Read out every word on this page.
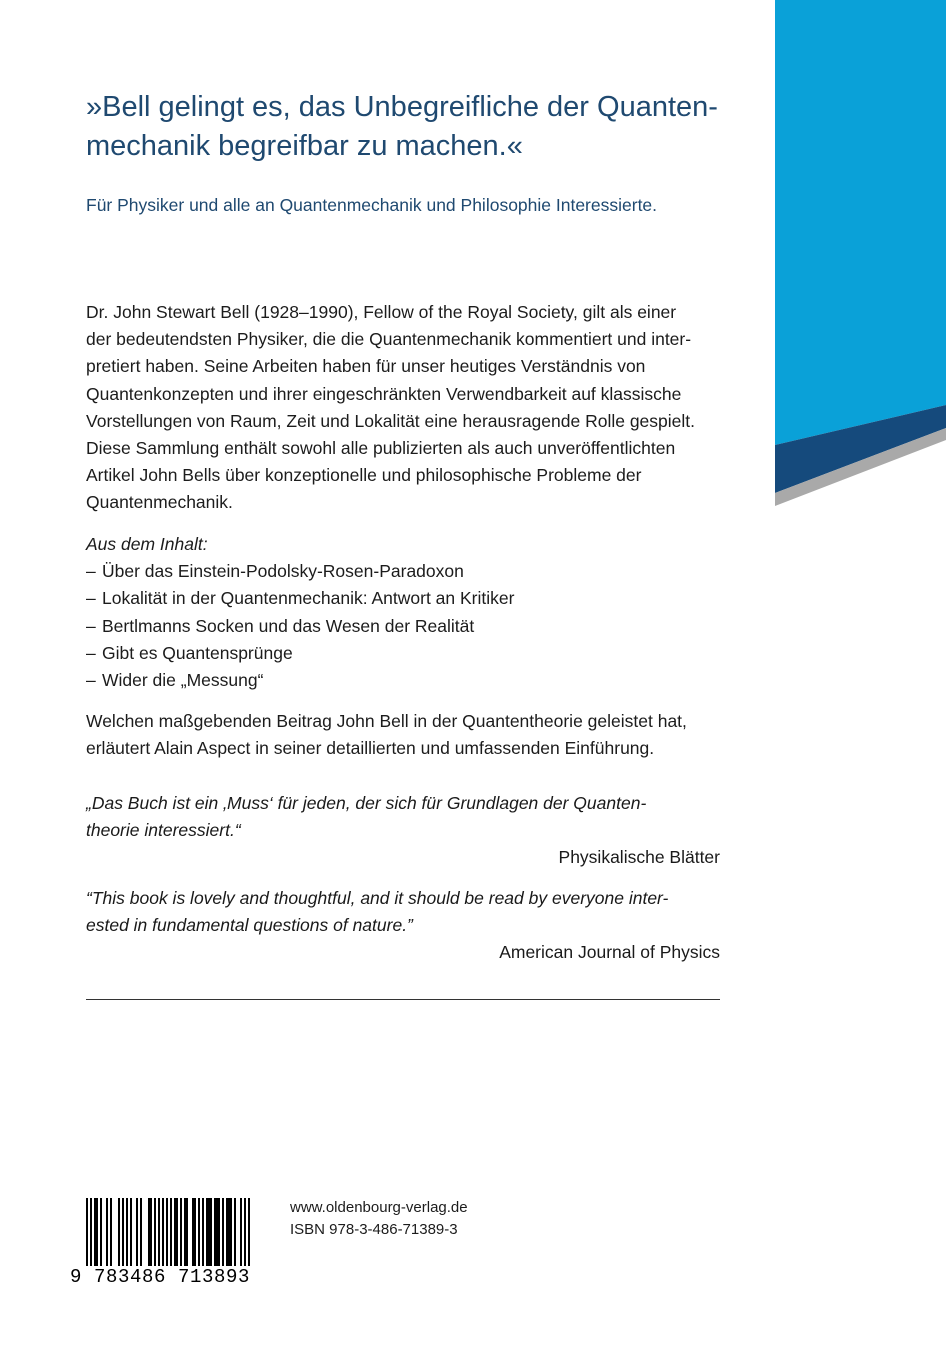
»Bell gelingt es, das Unbegreifliche der Quanten-
mechanik begreifbar zu machen.«
Für Physiker und alle an Quantenmechanik und Philosophie Interessierte.
Dr. John Stewart Bell (1928–1990), Fellow of the Royal Society, gilt als einer
der bedeutendsten Physiker, die die Quantenmechanik kommentiert und inter-
pretiert haben. Seine Arbeiten haben für unser heutiges Verständnis von
Quantenkonzepten und ihrer eingeschränkten Verwendbarkeit auf klassische
Vorstellungen von Raum, Zeit und Lokalität eine herausragende Rolle gespielt.
Diese Sammlung enthält sowohl alle publizierten als auch unveröffentlichten
Artikel John Bells über konzeptionelle und philosophische Probleme der
Quantenmechanik.
Aus dem Inhalt:
– Über das Einstein-Podolsky-Rosen-Paradoxon
– Lokalität in der Quantenmechanik: Antwort an Kritiker
– Bertlmanns Socken und das Wesen der Realität
– Gibt es Quantensprünge
– Wider die „Messung“
Welchen maßgebenden Beitrag John Bell in der Quantentheorie geleistet hat,
erläutert Alain Aspect in seiner detaillierten und umfassenden Einführung.
„Das Buch ist ein ‚Muss‘ für jeden, der sich für Grundlagen der Quanten-
theorie interessiert.“
Physikalische Blätter
“This book is lovely and thoughtful, and it should be read by everyone inter-
ested in fundamental questions of nature.”
American Journal of Physics
9 783486 713893
www.oldenbourg-verlag.de
ISBN 978-3-486-71389-3
